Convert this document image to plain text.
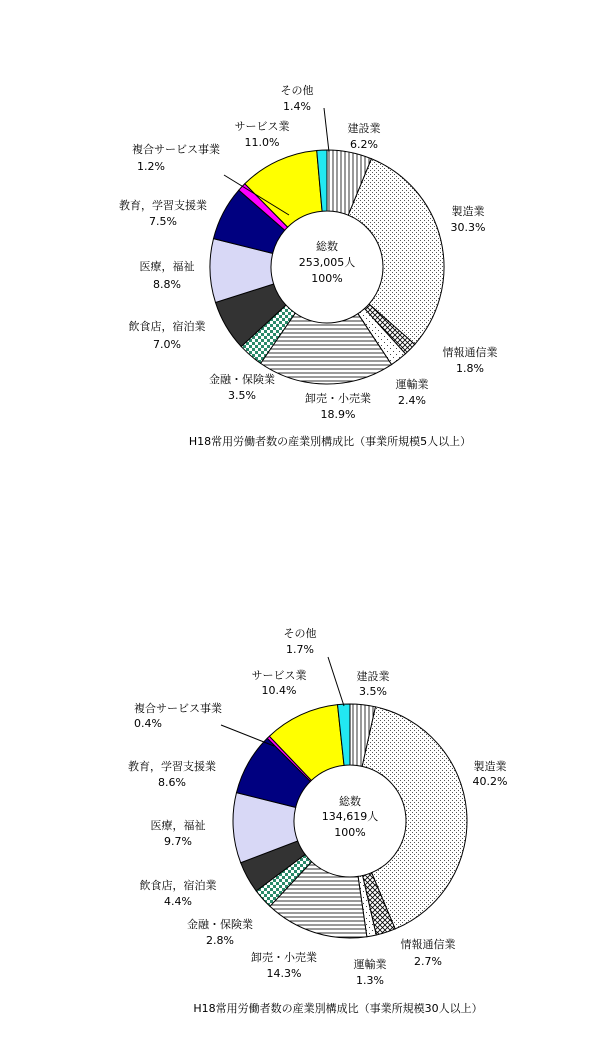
総数
253,005人
100%
建設業
6.2%
製造業
30.3%
情報通信業
1.8%
運輸業
2.4%
卸売・小売業
18.9%
金融・保険業
3.5%
飲食店，宿泊業
7.0%
医療，福祉
8.8%
教育，学習支援業
7.5%
複合サービス事業
1.2%
サービス業
11.0%
その他
1.4%
H18常用労働者数の産業別構成比（事業所規模5人以上）
総数
134,619人
100%
建設業
3.5%
製造業
40.2%
情報通信業
2.7%
運輸業
1.3%
卸売・小売業
14.3%
金融・保険業
2.8%
飲食店，宿泊業
4.4%
医療，福祉
9.7%
教育，学習支援業
8.6%
複合サービス事業
0.4%
サービス業
10.4%
その他
1.7%
H18常用労働者数の産業別構成比（事業所規模30人以上）
